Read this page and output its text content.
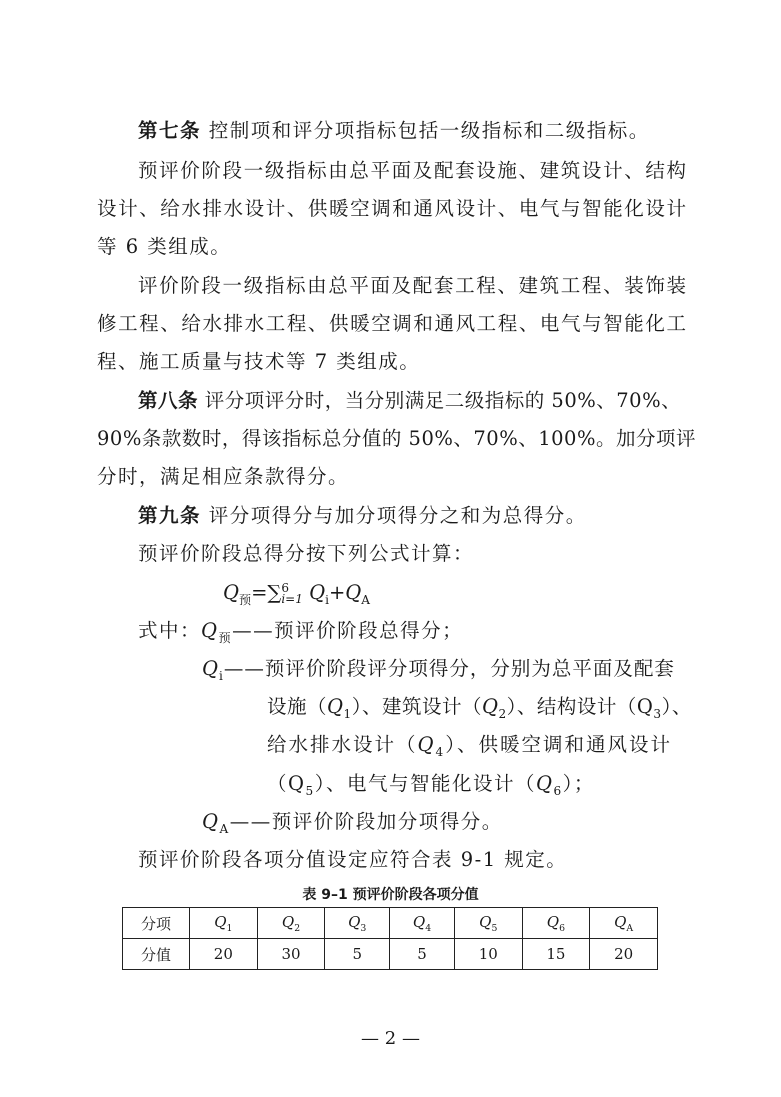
第七条 控制项和评分项指标包括一级指标和二级指标。
预评价阶段一级指标由总平面及配套设施、建筑设计、结构
设计、给水排水设计、供暖空调和通风设计、电气与智能化设计
等 6 类组成。
评价阶段一级指标由总平面及配套工程、建筑工程、装饰装
修工程、给水排水工程、供暖空调和通风工程、电气与智能化工
程、施工质量与技术等 7 类组成。
第八条 评分项评分时，当分别满足二级指标的 50%、70%、
90%条款数时，得该指标总分值的 50%、70%、100%。加分项评
分时，满足相应条款得分。
第九条 评分项得分与加分项得分之和为总得分。
预评价阶段总得分按下列公式计算：
$Q_预=\sum$ 6
i=1 $Q_i+Q_A$
式中：$Q_预——$预评价阶段总得分；
$Q_i——$预评价阶段评分项得分，分别为总平面及配套
设施$(Q_1)$、建筑设计$(Q_2)$、结构设计$(Q_3)$、
给水排水设计$(Q_4)$、供暖空调和通风设计
$(Q_5)$、电气与智能化设计$(Q_6)$；
$Q_A——$预评价阶段加分项得分。
预评价阶段各项分值设定应符合表 9-1 规定。
表 9–1 预评价阶段各项分值
分项	$Q_1$	$Q_2$	$Q_3$	$Q_4$	$Q_5$	$Q_6$	$Q_A$
分值	20	30	5	5	10	15	20
— 2 —
